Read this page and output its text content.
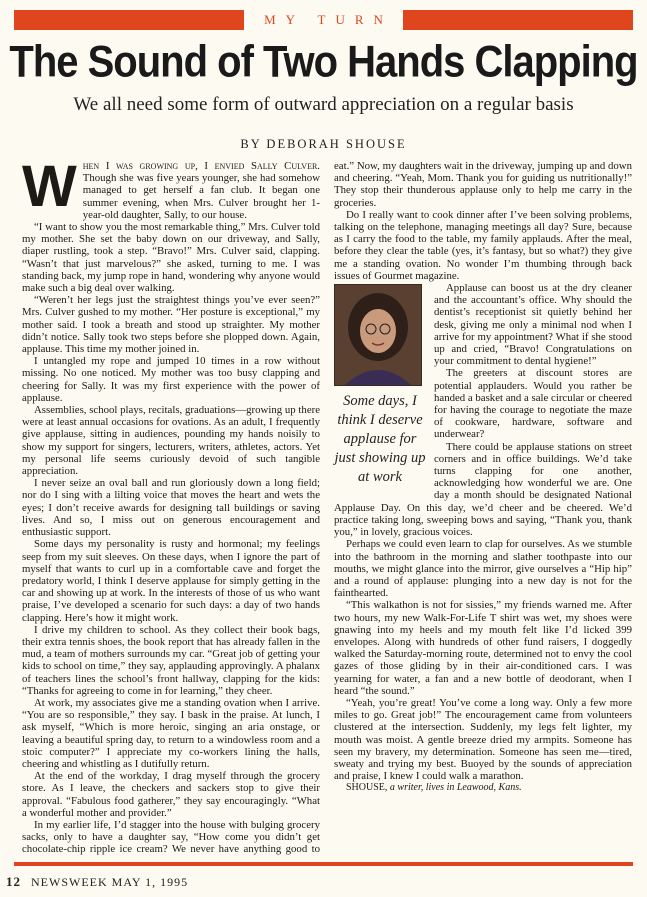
MY TURN
The Sound of Two Hands Clapping
We all need some form of outward appreciation on a regular basis
BY DEBORAH SHOUSE

When I was growing up, I envied Sally Culver. Though she was five years younger, she had somehow managed to get herself a fan club. It began one summer evening, when Mrs. Culver brought her 1-year-old daughter, Sally, to our house.

“I want to show you the most remarkable thing,” Mrs. Culver told my mother. She set the baby down on our driveway, and Sally, diaper rustling, took a step. “Bravo!” Mrs. Culver said, clapping. “Wasn’t that just marvelous?” she asked, turning to me. I was standing back, my jump rope in hand, wondering why anyone would make such a big deal over walking.

“Weren’t her legs just the straightest things you’ve ever seen?” Mrs. Culver gushed to my mother. “Her posture is exceptional,” my mother said. I took a breath and stood up straighter. My mother didn’t notice. Sally took two steps before she plopped down. Again, applause. This time my mother joined in.

I untangled my rope and jumped 10 times in a row without missing. No one noticed. My mother was too busy clapping and cheering for Sally. It was my first experience with the power of applause.

Assemblies, school plays, recitals, graduations—growing up there were at least annual occasions for ovations. As an adult, I frequently give applause, sitting in audiences, pounding my hands noisily to show my support for singers, lecturers, writers, athletes, actors. Yet my personal life seems curiously devoid of such tangible appreciation.

I never seize an oval ball and run gloriously down a long field; nor do I sing with a lilting voice that moves the heart and wets the eyes; I don’t receive awards for designing tall buildings or saving lives. And so, I miss out on generous encouragement and enthusiastic support.

Some days my personality is rusty and hormonal; my feelings seep from my suit sleeves. On these days, when I ignore the part of myself that wants to curl up in a comfortable cave and forget the predatory world, I think I deserve applause for simply getting in the car and showing up at work. In the interests of those of us who want praise, I’ve developed a scenario for such days: a day of two hands clapping. Here’s how it might work.

I drive my children to school. As they collect their book bags, their extra tennis shoes, the book report that has already fallen in the mud, a team of mothers surrounds my car. “Great job of getting your kids to school on time,” they say, applauding approvingly. A phalanx of teachers lines the school’s front hallway, clapping for the kids: “Thanks for agreeing to come in for learning,” they cheer.

At work, my associates give me a standing ovation when I arrive. “You are so responsible,” they say. I bask in the praise. At lunch, I ask myself, “Which is more heroic, singing an aria onstage, or leaving a beautiful spring day, to return to a windowless room and a stoic computer?” I appreciate my co-workers lining the halls, cheering and whistling as I dutifully return.

At the end of the workday, I drag myself through the grocery store. As I leave, the checkers and sackers stop to give their approval. “Fabulous food gatherer,” they say encouragingly. “What a wonderful mother and provider.”

In my earlier life, I’d stagger into the house with bulging grocery sacks, only to have a daughter say, “How come you didn’t get chocolate-chip ripple ice cream? We never have anything good to eat.” Now, my daughters wait in the driveway, jumping up and down and cheering. “Yeah, Mom. Thank you for guiding us nutritionally!” They stop their thunderous applause only to help me carry in the groceries.

Do I really want to cook dinner after I’ve been solving problems, talking on the telephone, managing meetings all day? Sure, because as I carry the food to the table, my family applauds. After the meal, before they clear the table (yes, it’s fantasy, but so what?) they give me a standing ovation. No wonder I’m thumbing through back issues of Gourmet magazine.

Some days, I think I deserve applause for just showing up at work

Applause can boost us at the dry cleaner and the accountant’s office. Why should the dentist’s receptionist sit quietly behind her desk, giving me only a minimal nod when I arrive for my appointment? What if she stood up and cried, “Bravo! Congratulations on your commitment to dental hygiene!”

The greeters at discount stores are potential applauders. Would you rather be handed a basket and a sale circular or cheered for having the courage to negotiate the maze of cookware, hardware, software and underwear?

There could be applause stations on street corners and in office buildings. We’d take turns clapping for one another, acknowledging how wonderful we are. One day a month should be designated National Applause Day. On this day, we’d cheer and be cheered. We’d practice taking long, sweeping bows and saying, “Thank you, thank you,” in lovely, gracious voices.

Perhaps we could even learn to clap for ourselves. As we stumble into the bathroom in the morning and slather toothpaste into our mouths, we might glance into the mirror, give ourselves a “Hip hip” and a round of applause: plunging into a new day is not for the fainthearted.

“This walkathon is not for sissies,” my friends warned me. After two hours, my new Walk-For-Life T shirt was wet, my shoes were gnawing into my heels and my mouth felt like I’d licked 399 envelopes. Along with hundreds of other fund raisers, I doggedly walked the Saturday-morning route, determined not to envy the cool gazes of those gliding by in their air-conditioned cars. I was yearning for water, a fan and a new bottle of deodorant, when I heard “the sound.”

“Yeah, you’re great! You’ve come a long way. Only a few more miles to go. Great job!” The encouragement came from volunteers clustered at the intersection. Suddenly, my legs felt lighter, my mouth was moist. A gentle breeze dried my armpits. Someone has seen my bravery, my determination. Someone has seen me—tired, sweaty and trying my best. Buoyed by the sounds of appreciation and praise, I knew I could walk a marathon.

SHOUSE, a writer, lives in Leawood, Kans.

12 NEWSWEEK MAY 1, 1995
